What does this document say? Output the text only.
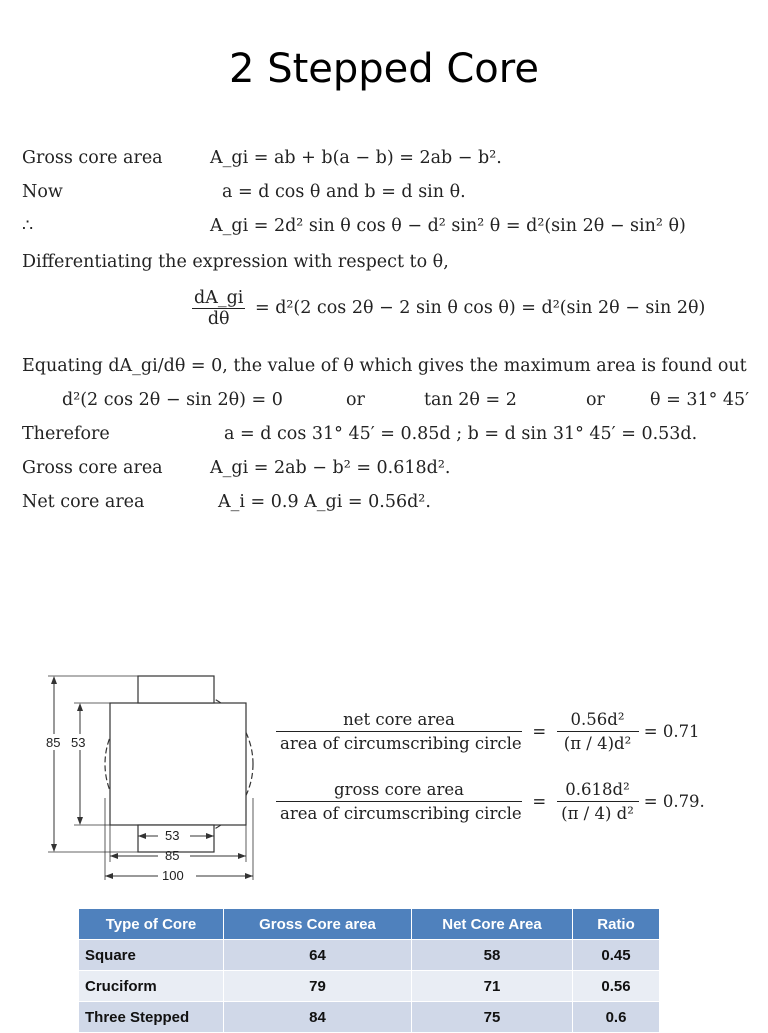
2 Stepped Core
Gross core area	A_gi = ab + b(a − b) = 2ab − b².
Now	a = d cos θ and b = d sin θ.
∴	A_gi = 2d² sin θ cos θ − d² sin² θ = d²(sin 2θ − sin² θ)
Differentiating the expression with respect to θ,
$\frac{dA\_gi}{d\theta} = d^2(2$ cos 2θ − 2 sin θ cos θ) = d²(sin 2θ − sin 2θ)
Equating dA_gi/dθ = 0, the value of θ which gives the maximum area is found out
d²(2 cos 2θ − sin 2θ) = 0	or	tan 2θ = 2	or	θ = 31° 45′
Therefore	a = d cos 31° 45′ = 0.85d ; b = d sin 31° 45′ = 0.53d.
Gross core area	A_gi = 2ab − b² = 0.618d².
Net core area	A_i = 0.9 A_gi = 0.56d².
85 53
53
85
100
$\frac{\text{net core area}}{\text{area of circumscribing circle}} = \frac{\text{0.56d²}}{\text{(π / 4)d²}} = 0.71$
$\frac{\text{gross core area}}{\text{area of circumscribing circle}} = \frac{\text{0.618d²}}{\text{(π / 4) d²}} = 0.79$.
Type of Core	Gross Core area	Net Core Area	Ratio
Square	64	58	0.45
Cruciform	79	71	0.56
Three Stepped	84	75	0.6
